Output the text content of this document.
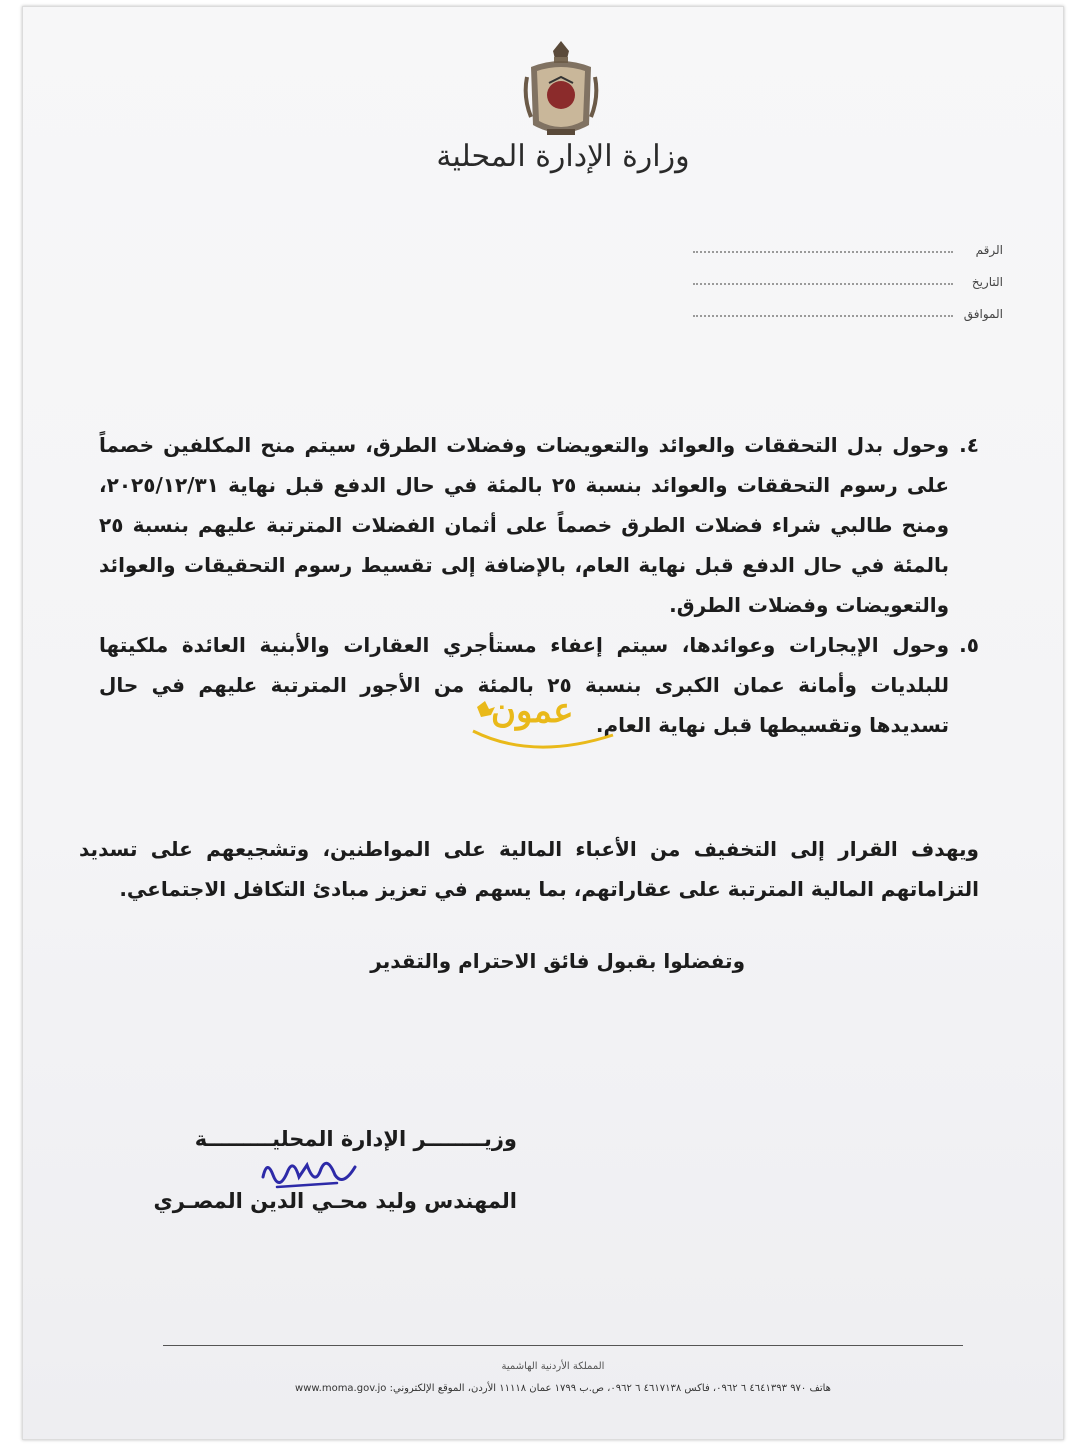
وزارة الإدارة المحلية
الرقم
التاريخ
الموافق
٤.
وحول بدل التحققات والعوائد والتعويضات وفضلات الطرق، سيتم منح المكلفين خصماً على رسوم التحققات والعوائد بنسبة ٢٥ بالمئة في حال الدفع قبل نهاية ٢٠٢٥/١٢/٣١، ومنح طالبي شراء فضلات الطرق خصماً على أثمان الفضلات المترتبة عليهم بنسبة ٢٥ بالمئة في حال الدفع قبل نهاية العام، بالإضافة إلى تقسيط رسوم التحقيقات والعوائد والتعويضات وفضلات الطرق.
٥.
وحول الإيجارات وعوائدها، سيتم إعفاء مستأجري العقارات والأبنية العائدة ملكيتها للبلديات وأمانة عمان الكبرى بنسبة ٢٥ بالمئة من الأجور المترتبة عليهم في حال تسديدها وتقسيطها قبل نهاية العام.
عمون
ويهدف القرار إلى التخفيف من الأعباء المالية على المواطنين، وتشجيعهم على تسديد التزاماتهم المالية المترتبة على عقاراتهم، بما يسهم في تعزيز مبادئ التكافل الاجتماعي.
وتفضلوا بقبول فائق الاحترام والتقدير
وزيــــــــر الإدارة المحليـــــــــة
المهندس وليد محـي الدين المصـري
المملكة الأردنية الهاشمية
هاتف ٩٧٠ ٤٦٤١٣٩٣ ٦ ٠٩٦٢، فاكس ٤٦١٧١٣٨ ٦ ٠٩٦٢، ص.ب ١٧٩٩ عمان ١١١١٨ الأردن، الموقع الإلكتروني: www.moma.gov.jo
